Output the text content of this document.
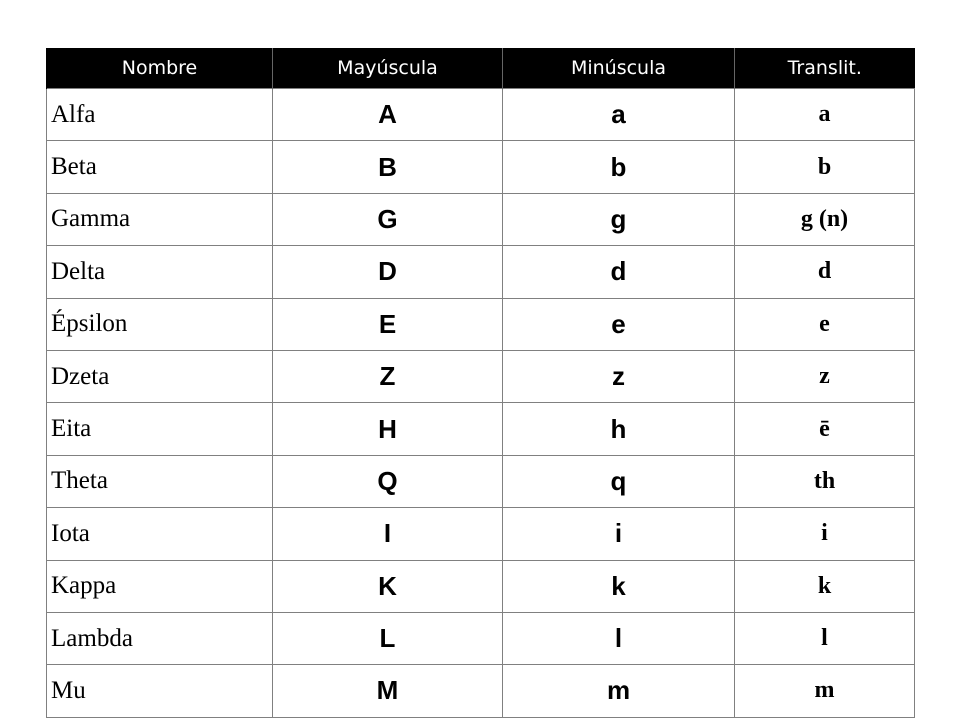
Nombre	Mayúscula	Minúscula	Translit.
Alfa	A	a	a
Beta	B	b	b
Gamma	G	g	g (n)
Delta	D	d	d
Épsilon	E	e	e
Dzeta	Z	z	z
Eita	H	h	ē
Theta	Q	q	th
Iota	I	i	i
Kappa	K	k	k
Lambda	L	l	l
Mu	M	m	m
